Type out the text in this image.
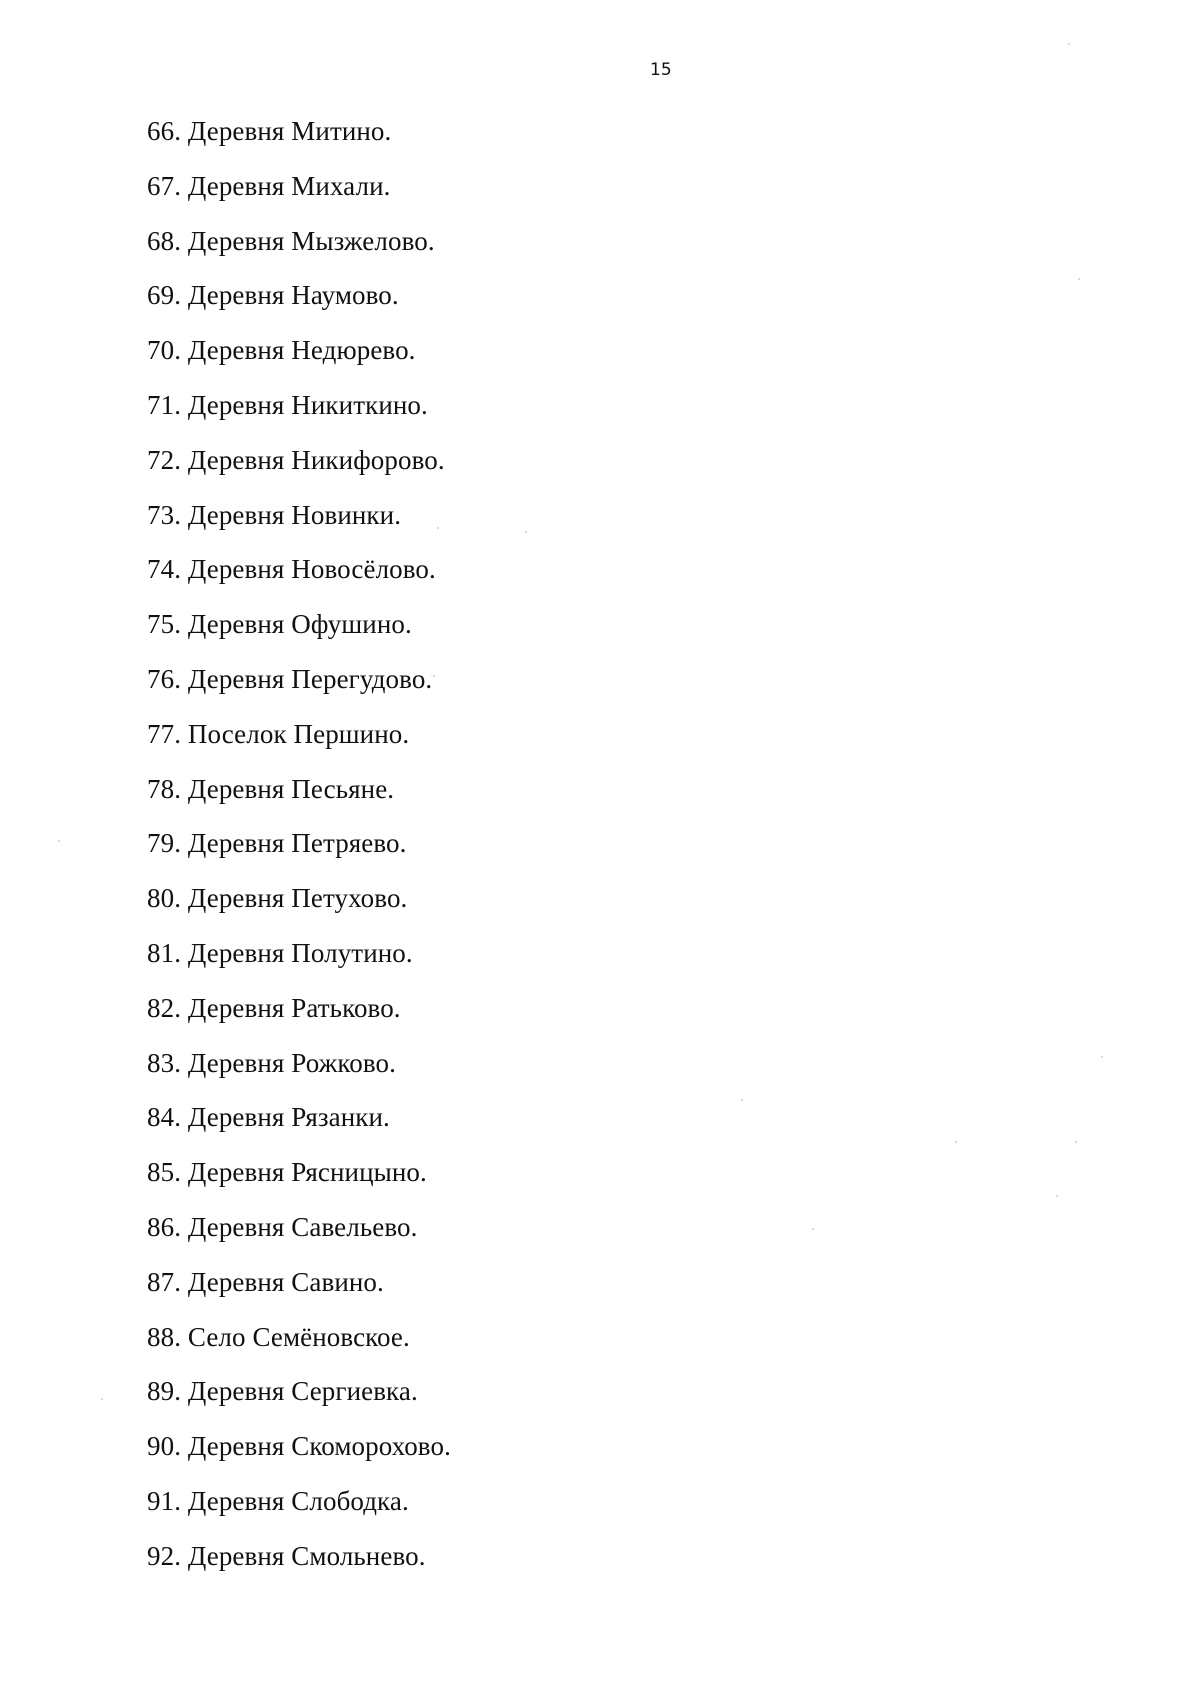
15
66. Деревня Митино.
67. Деревня Михали.
68. Деревня Мызжелово.
69. Деревня Наумово.
70. Деревня Недюрево.
71. Деревня Никиткино.
72. Деревня Никифорово.
73. Деревня Новинки.
74. Деревня Новосёлово.
75. Деревня Офушино.
76. Деревня Перегудово.
77. Поселок Першино.
78. Деревня Песьяне.
79. Деревня Петряево.
80. Деревня Петухово.
81. Деревня Полутино.
82. Деревня Ратьково.
83. Деревня Рожково.
84. Деревня Рязанки.
85. Деревня Рясницыно.
86. Деревня Савельево.
87. Деревня Савино.
88. Село Семёновское.
89. Деревня Сергиевка.
90. Деревня Скоморохово.
91. Деревня Слободка.
92. Деревня Смольнево.
